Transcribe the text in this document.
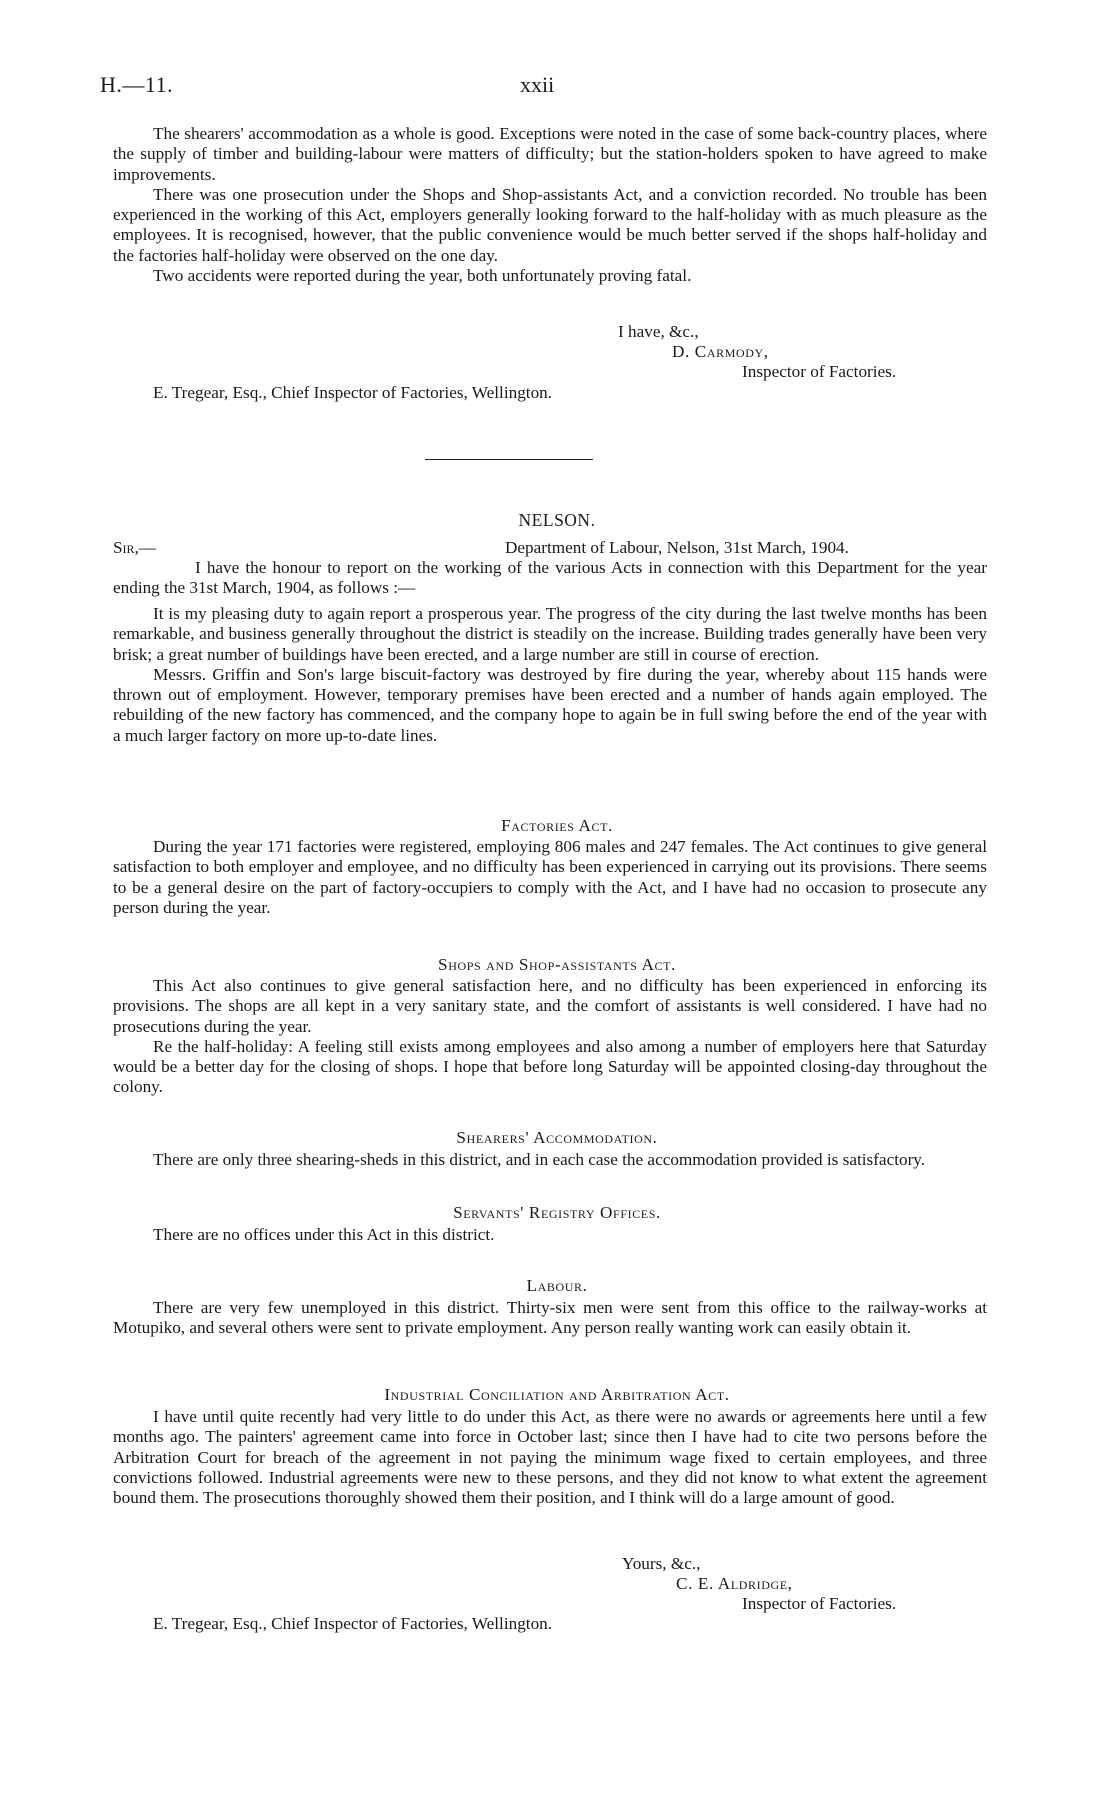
H.—11.	xxii

The shearers' accommodation as a whole is good. Exceptions were noted in the case of some back-country places, where the supply of timber and building-labour were matters of difficulty; but the station-holders spoken to have agreed to make improvements.

There was one prosecution under the Shops and Shop-assistants Act, and a conviction recorded. No trouble has been experienced in the working of this Act, employers generally looking forward to the half-holiday with as much pleasure as the employees. It is recognised, however, that the public convenience would be much better served if the shops half-holiday and the factories half-holiday were observed on the one day.

Two accidents were reported during the year, both unfortunately proving fatal.

I have, &c.,
D. Carmody,
Inspector of Factories.
E. Tregear, Esq., Chief Inspector of Factories, Wellington.
NELSON.
Sir,—	Department of Labour, Nelson, 31st March, 1904.

I have the honour to report on the working of the various Acts in connection with this Department for the year ending the 31st March, 1904, as follows :—

It is my pleasing duty to again report a prosperous year. The progress of the city during the last twelve months has been remarkable, and business generally throughout the district is steadily on the increase. Building trades generally have been very brisk; a great number of buildings have been erected, and a large number are still in course of erection.

Messrs. Griffin and Son's large biscuit-factory was destroyed by fire during the year, whereby about 115 hands were thrown out of employment. However, temporary premises have been erected and a number of hands again employed. The rebuilding of the new factory has commenced, and the company hope to again be in full swing before the end of the year with a much larger factory on more up-to-date lines.

Factories Act.

During the year 171 factories were registered, employing 806 males and 247 females. The Act continues to give general satisfaction to both employer and employee, and no difficulty has been experienced in carrying out its provisions. There seems to be a general desire on the part of factory-occupiers to comply with the Act, and I have had no occasion to prosecute any person during the year.

Shops and Shop-assistants Act.

This Act also continues to give general satisfaction here, and no difficulty has been experienced in enforcing its provisions. The shops are all kept in a very sanitary state, and the comfort of assistants is well considered. I have had no prosecutions during the year.

Re the half-holiday: A feeling still exists among employees and also among a number of employers here that Saturday would be a better day for the closing of shops. I hope that before long Saturday will be appointed closing-day throughout the colony.

Shearers' Accommodation.

There are only three shearing-sheds in this district, and in each case the accommodation provided is satisfactory.

Servants' Registry Offices.

There are no offices under this Act in this district.

Labour.

There are very few unemployed in this district. Thirty-six men were sent from this office to the railway-works at Motupiko, and several others were sent to private employment. Any person really wanting work can easily obtain it.

Industrial Conciliation and Arbitration Act.

I have until quite recently had very little to do under this Act, as there were no awards or agreements here until a few months ago. The painters' agreement came into force in October last; since then I have had to cite two persons before the Arbitration Court for breach of the agreement in not paying the minimum wage fixed to certain employees, and three convictions followed. Industrial agreements were new to these persons, and they did not know to what extent the agreement bound them. The prosecutions thoroughly showed them their position, and I think will do a large amount of good.

Yours, &c.,
C. E. Aldridge,
Inspector of Factories.
E. Tregear, Esq., Chief Inspector of Factories, Wellington.
